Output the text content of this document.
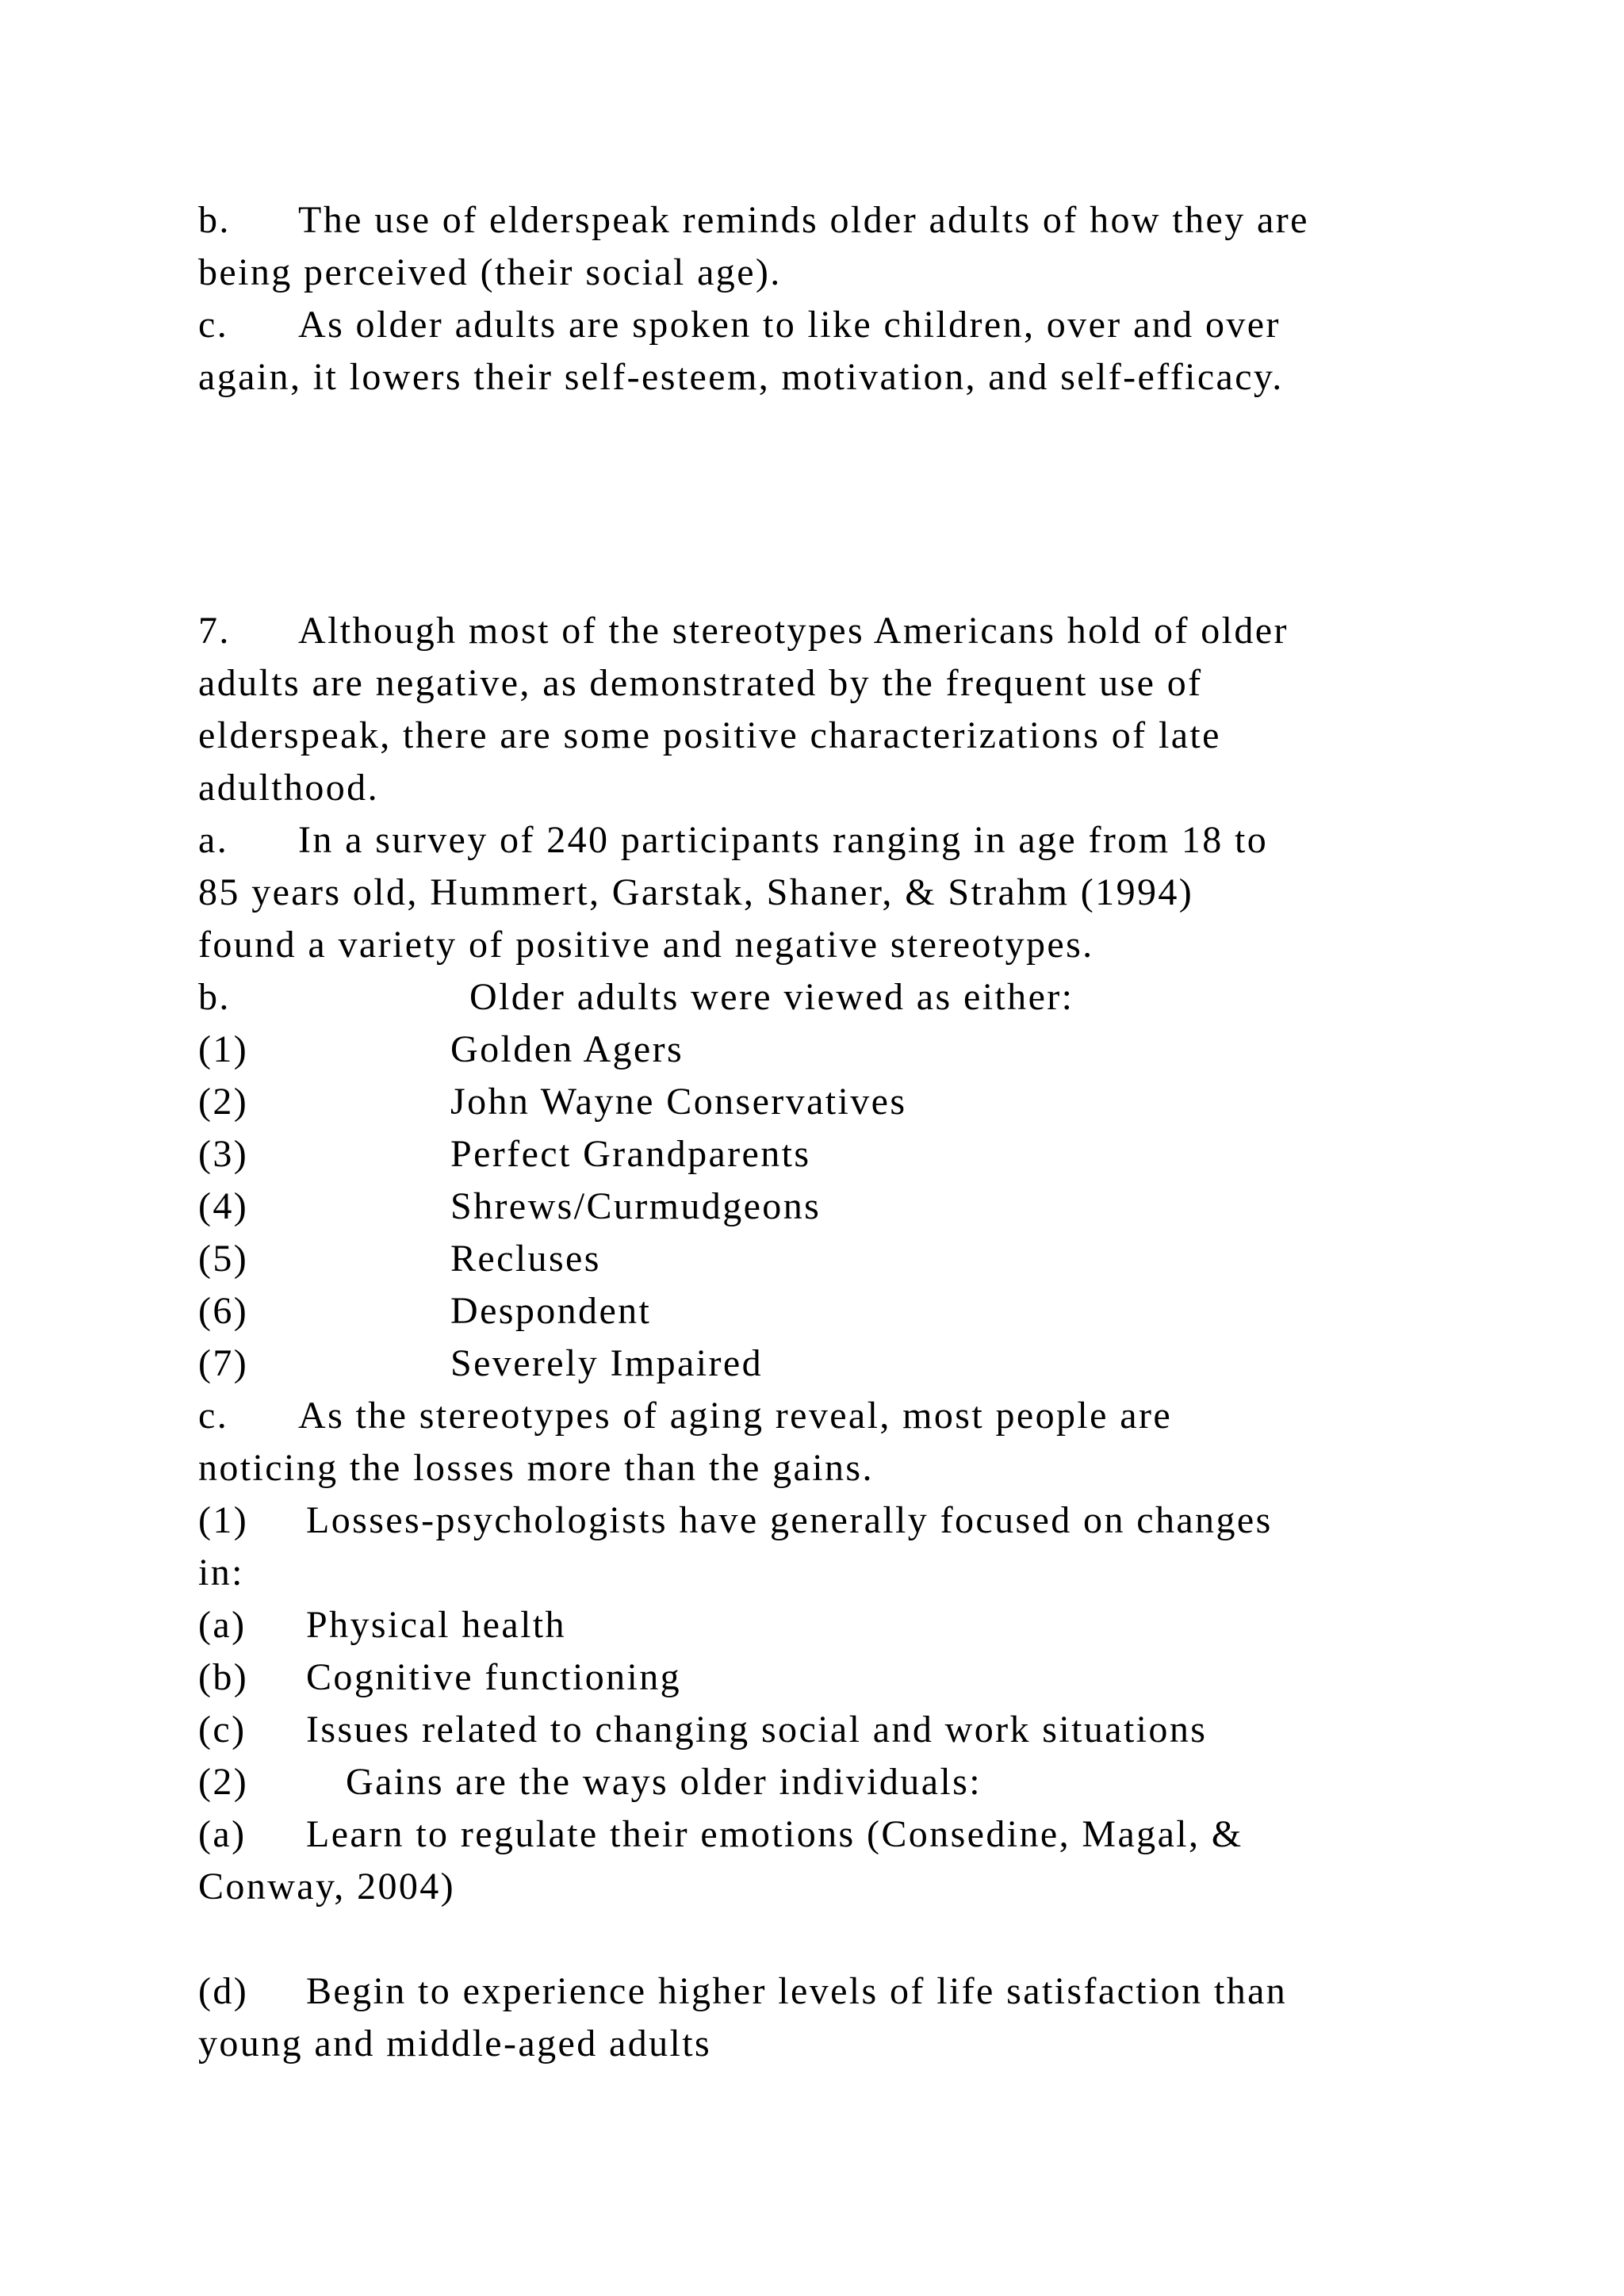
b.	The use of elderspeak reminds older adults of how they are
being perceived (their social age).
c.	As older adults are spoken to like children, over and over
again, it lowers their self-esteem, motivation, and self-efficacy.
7.	Although most of the stereotypes Americans hold of older
adults are negative, as demonstrated by the frequent use of
elderspeak, there are some positive characterizations of late
adulthood.
a.	In a survey of 240 participants ranging in age from 18 to
85 years old, Hummert, Garstak, Shaner, & Strahm (1994)
found a variety of positive and negative stereotypes.
b.	Older adults were viewed as either:
(1)	Golden Agers
(2)	John Wayne Conservatives
(3)	Perfect Grandparents
(4)	Shrews/Curmudgeons
(5)	Recluses
(6)	Despondent
(7)	Severely Impaired
c.	As the stereotypes of aging reveal, most people are
noticing the losses more than the gains.
(1)	Losses-psychologists have generally focused on changes
in:
(a)	Physical health
(b)	Cognitive functioning
(c)	Issues related to changing social and work situations
(2)	Gains are the ways older individuals:
(a)	Learn to regulate their emotions (Consedine, Magal, &
Conway, 2004)
(d)	Begin to experience higher levels of life satisfaction than
young and middle-aged adults
